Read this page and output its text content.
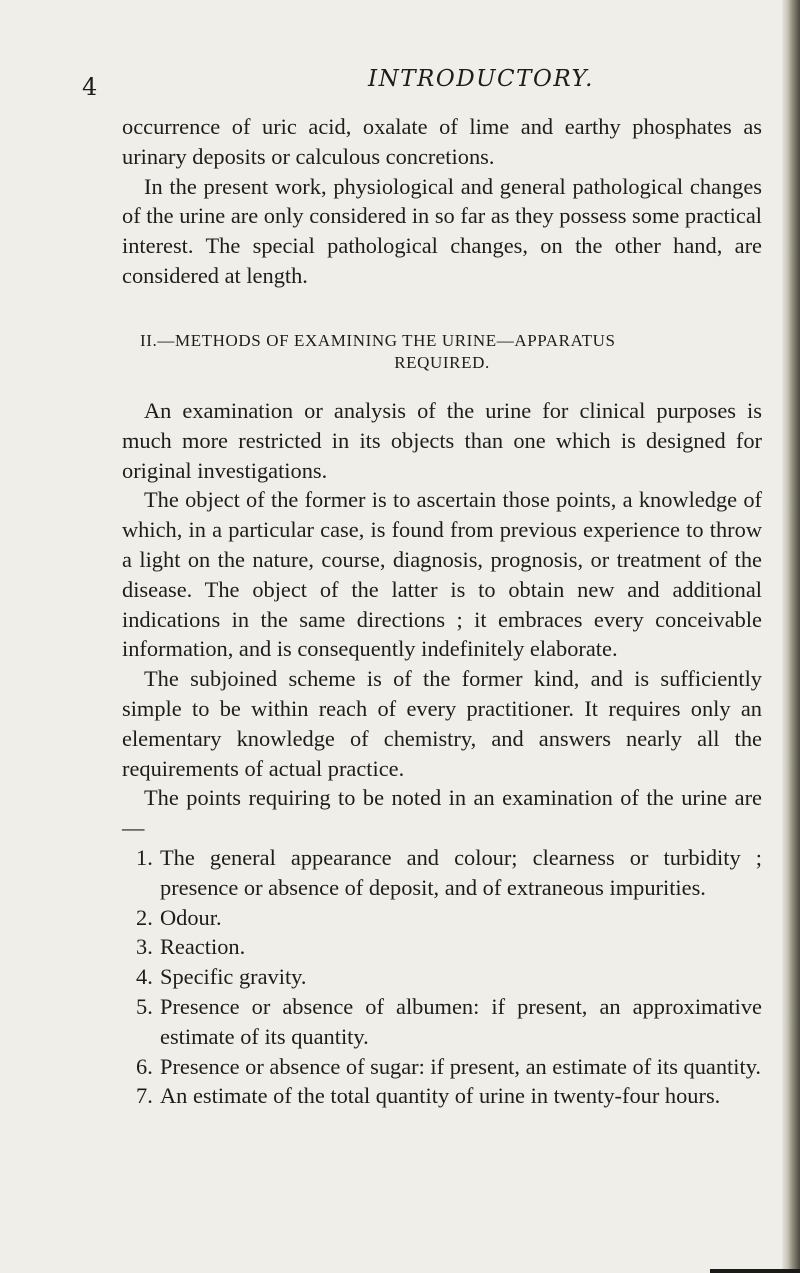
4	INTRODUCTORY.

occurrence of uric acid, oxalate of lime and earthy phosphates as urinary deposits or calculous concretions.

In the present work, physiological and general pathological changes of the urine are only considered in so far as they possess some practical interest. The special pathological changes, on the other hand, are considered at length.

II.—METHODS OF EXAMINING THE URINE—APPARATUS
REQUIRED.

An examination or analysis of the urine for clinical purposes is much more restricted in its objects than one which is designed for original investigations.

The object of the former is to ascertain those points, a knowledge of which, in a particular case, is found from previous experience to throw a light on the nature, course, diagnosis, prognosis, or treatment of the disease. The object of the latter is to obtain new and additional indications in the same directions ; it embraces every conceivable information, and is consequently indefinitely elaborate.

The subjoined scheme is of the former kind, and is sufficiently simple to be within reach of every practitioner. It requires only an elementary knowledge of chemistry, and answers nearly all the requirements of actual practice.

The points requiring to be noted in an examination of the urine are—

1. The general appearance and colour; clearness or turbidity ; presence or absence of deposit, and of extraneous impurities.
2. Odour.
3. Reaction.
4. Specific gravity.
5. Presence or absence of albumen: if present, an approximative estimate of its quantity.
6. Presence or absence of sugar: if present, an estimate of its quantity.
7. An estimate of the total quantity of urine in twenty-four hours.
